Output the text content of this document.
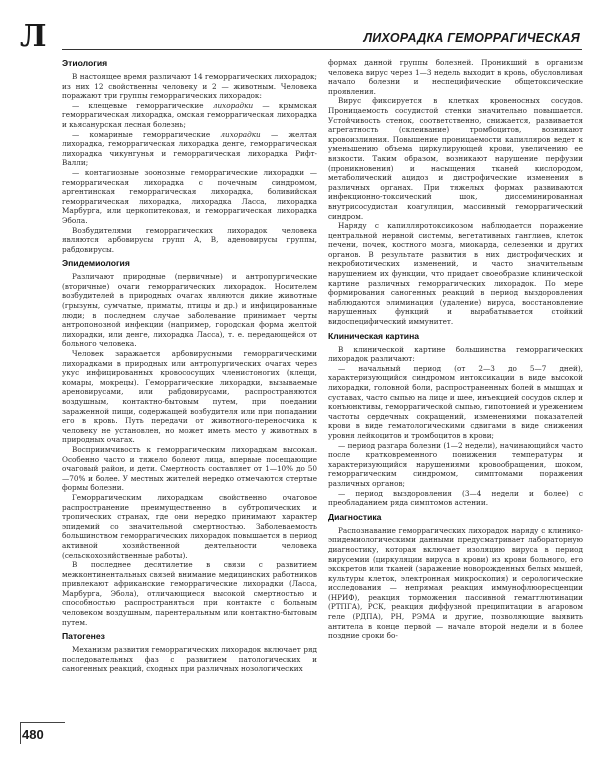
Л	ЛИХОРАДКА ГЕМОРРАГИЧЕСКАЯ
Этиология

В настоящее время различают 14 геморрагических лихорадок; из них 12 свойственны человеку и 2 — животным. Человека поражают три группы геморрагических лихорадок:

— клещевые геморрагические лихорадки — крымская геморрагическая лихорадка, омская геморрагическая лихорадка и кьясанурская лесная болезнь;

— комариные геморрагические лихорадки — желтая лихорадка, геморрагическая лихорадка денге, геморрагическая лихорадка чикунгунья и геморрагическая лихорадка Рифт-Валли;

— контагиозные зоонозные геморрагические лихорадки — геморрагическая лихорадка с почечным синдромом, аргентинская геморрагическая лихорадка, боливийская геморрагическая лихорадка, лихорадка Ласса, лихорадка Марбурга, или церкопитековая, и геморрагическая лихорадка Эбола.

Возбудителями геморрагических лихорадок человека являются арбовирусы групп А, В, аденовирусы группы, рабдовирусы.

Эпидемиология

Различают природные (первичные) и антропургические (вторичные) очаги геморрагических лихорадок. Носителем возбудителей в природных очагах являются дикие животные (грызуны, сумчатые, приматы, птицы и др.) и инфицированные люди; в последнем случае заболевание принимает черты антропонозной инфекции (например, городская форма желтой лихорадки, или денге, лихорадка Ласса), т. е. передающейся от больного человека.

Человек заражается арбовирусными геморрагическими лихорадками в природных или антропургических очагах через укус инфицированных кровососущих членистоногих (клещи, комары, мокрецы). Геморрагические лихорадки, вызываемые ареновирусами, или рабдовирусами, распространяются воздушным, контактно-бытовым путем, при поедании зараженной пищи, содержащей возбудителя или при попадании его в кровь. Путь передачи от животного-переносчика к человеку не установлен, но может иметь место у животных в природных очагах.

Восприимчивость к геморрагическим лихорадкам высокая. Особенно часто и тяжело болеют лица, впервые посещающие очаговый район, и дети. Смертность составляет от 1—10% до 50—70% и более. У местных жителей нередко отмечаются стертые формы болезни.

Геморрагическим лихорадкам свойственно очаговое распространение преимущественно в субтропических и тропических странах, где они нередко принимают характер эпидемий со значительной смертностью. Заболеваемость большинством геморрагических лихорадок повышается в период активной хозяйственной деятельности человека (сельскохозяйственные работы).

В последнее десятилетие в связи с развитием межконтинентальных связей внимание медицинских работников привлекают африканские геморрагические лихорадки (Ласса, Марбурга, Эбола), отличающиеся высокой смертностью и способностью распространяться при контакте с больным человеком воздушным, парентеральным или контактно-бытовым путем.

Патогенез

Механизм развития геморрагических лихорадок включает ряд последовательных фаз с развитием патологических и саногенных реакций, сходных при различных нозологических

формах данной группы болезней. Проникший в организм человека вирус через 1—3 недель выходит в кровь, обусловливая начало болезни и неспецифические общетоксические проявления.

Вирус фиксируется в клетках кровеносных сосудов. Проницаемость сосудистой стенки значительно повышается. Устойчивость стенок, соответственно, снижается, развивается агрегатность (склеивание) тромбоцитов, возникают кровоизлияния. Повышение проницаемости капилляров ведет к уменьшению объема циркулирующей крови, увеличению ее вязкости. Таким образом, возникают нарушение перфузии (проникновения) и насыщения тканей кислородом, метаболический ацидоз и дистрофические изменения в различных органах. При тяжелых формах развиваются инфекционно-токсический шок, диссеминированная внутрисосудистая коагуляция, массивный геморрагический синдром.

Наряду с капилляротоксикозом наблюдается поражение центральной нервной системы, вегетативных ганглиев, клеток печени, почек, костного мозга, миокарда, селезенки и других органов. В результате развития в них дистрофических и некробиотических изменений, и часто значительным нарушением их функции, что придает своеобразие клинической картине различных геморрагических лихорадок. По мере формирования саногенных реакций в период выздоровления наблюдаются элиминация (удаление) вируса, восстановление нарушенных функций и вырабатывается стойкий видоспецифический иммунитет.

Клиническая картина

В клинической картине большинства геморрагических лихорадок различают:

— начальный период (от 2—3 до 5—7 дней), характеризующийся синдромом интоксикации в виде высокой лихорадки, головной боли, распространенных болей в мышцах и суставах, часто сыпью на лице и шее, инъекцией сосудов склер и конъюнктивы, геморрагической сыпью, гипотонией и урежением частоты сердечных сокращений, изменениями показателей крови в виде гематологическими сдвигами в виде снижения уровня лейкоцитов и тромбоцитов в крови;

— период разгара болезни (1—2 недели), начинающийся часто после кратковременного понижения температуры и характеризующийся нарушениями кровообращения, шоком, геморрагическим синдромом, симптомами поражения различных органов;

— период выздоровления (3—4 недели и более) с преобладанием ряда симптомов астении.

Диагностика

Распознавание геморрагических лихорадок наряду с клинико-эпидемиологическими данными предусматривает лабораторную диагностику, которая включает изоляцию вируса в период вирусемии (циркуляции вируса в крови) из крови больного, его экскретов или тканей (заражение новорожденных белых мышей, культуры клеток, электронная микроскопия) и серологические исследования — непрямая реакция иммунофлюоресценции (НРИФ), реакция торможения пассивной гемагглютинации (РТПГА), РСК, реакция диффузной преципитации в агаровом геле (РДПА), РН, РЭМА и другие, позволяющие выявить антитела в конце первой — начале второй недели и в более поздние сроки бо-

480
